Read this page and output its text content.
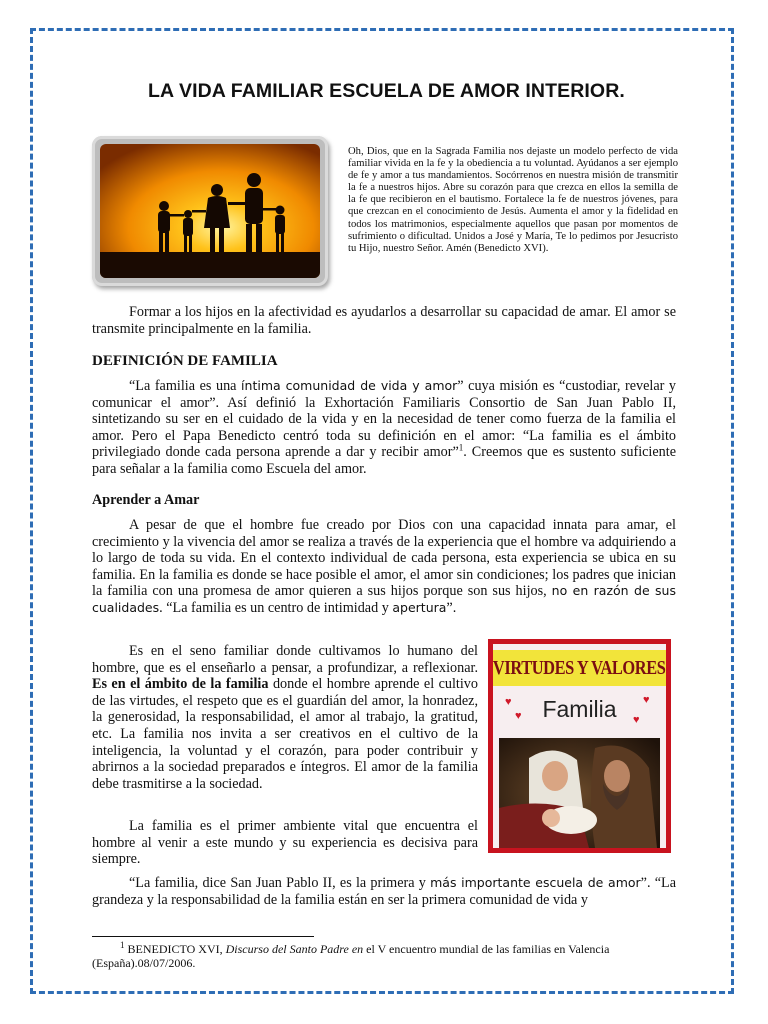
LA VIDA FAMILIAR ESCUELA DE AMOR INTERIOR.

Oh, Dios, que en la Sagrada Familia nos dejaste un modelo perfecto de vida familiar vivida en la fe y la obediencia a tu voluntad. Ayúdanos a ser ejemplo de fe y amor a tus mandamientos. Socórrenos en nuestra misión de transmitir la fe a nuestros hijos. Abre su corazón para que crezca en ellos la semilla de la fe que recibieron en el bautismo. Fortalece la fe de nuestros jóvenes, para que crezcan en el conocimiento de Jesús. Aumenta el amor y la fidelidad en todos los matrimonios, especialmente aquellos que pasan por momentos de sufrimiento o dificultad. Unidos a José y María, Te lo pedimos por Jesucristo tu Hijo, nuestro Señor. Amén (Benedicto XVI).

Formar a los hijos en la afectividad es ayudarlos a desarrollar su capacidad de amar. El amor se transmite principalmente en la familia.

DEFINICIÓN DE FAMILIA

“La familia es una íntima comunidad de vida y amor” cuya misión es “custodiar, revelar y comunicar el amor”. Así definió la Exhortación Familiaris Consortio de San Juan Pablo II, sintetizando su ser en el cuidado de la vida y en la necesidad de tener como fuerza de la familia el amor. Pero el Papa Benedicto centró toda su definición en el amor: “La familia es el ámbito privilegiado donde cada persona aprende a dar y recibir amor”$^1$. Creemos que es sustento suficiente para señalar a la familia como Escuela del amor.

Aprender a Amar

A pesar de que el hombre fue creado por Dios con una capacidad innata para amar, el crecimiento y la vivencia del amor se realiza a través de la experiencia que el hombre va adquiriendo a lo largo de toda su vida. En el contexto individual de cada persona, esta experiencia se ubica en su familia. En la familia es donde se hace posible el amor, el amor sin condiciones; los padres que inician la familia con una promesa de amor quieren a sus hijos porque son sus hijos, no en razón de sus cualidades. “La familia es un centro de intimidad y apertura”.

Es en el seno familiar donde cultivamos lo humano del hombre, que es el enseñarlo a pensar, a profundizar, a reflexionar. Es en el ámbito de la familia donde el hombre aprende el cultivo de las virtudes, el respeto que es el guardián del amor, la honradez, la generosidad, la responsabilidad, el amor al trabajo, la gratitud, etc. La familia nos invita a ser creativos en el cultivo de la inteligencia, la voluntad y el corazón, para poder contribuir y abrirnos a la sociedad preparados e íntegros. El amor de la familia debe trasmitirse a la sociedad.

La familia es el primer ambiente vital que encuentra el hombre al venir a este mundo y su experiencia es decisiva para siempre.

“La familia, dice San Juan Pablo II, es la primera y más importante escuela de amor”. “La grandeza y la responsabilidad de la familia están en ser la primera comunidad de vida y

VIRTUDES Y VALORES
♥
♥
♥
♥
Familia

$^1$ BENEDICTO XVI, Discurso del Santo Padre en el V encuentro mundial de las familias en Valencia (España).08/07/2006.
